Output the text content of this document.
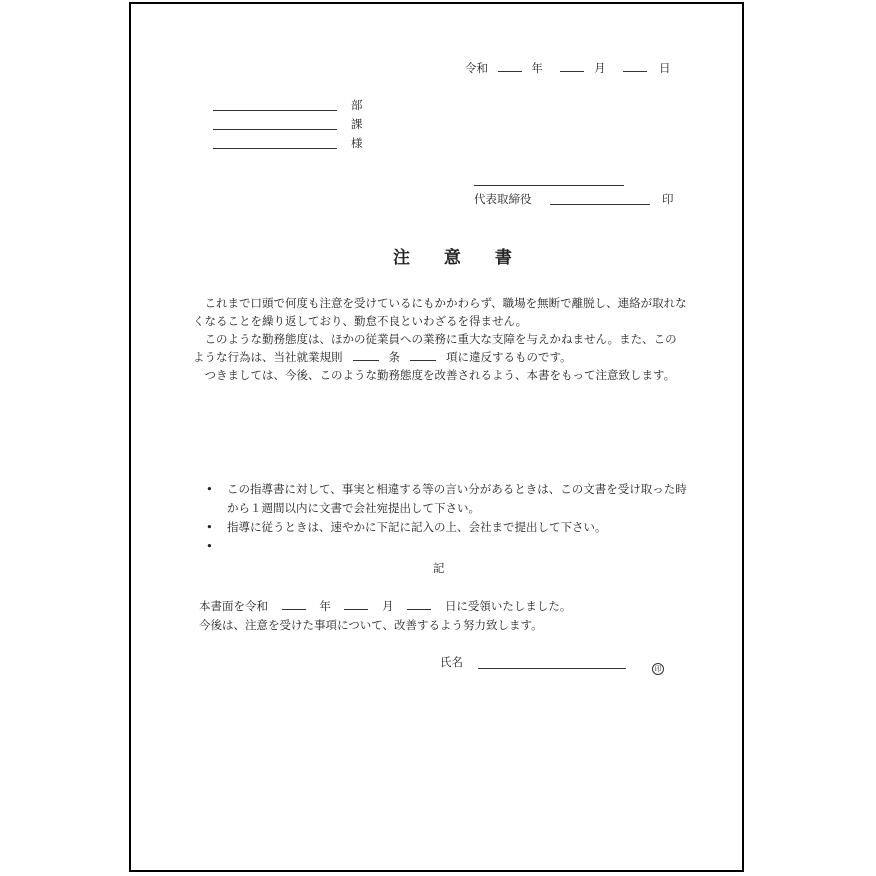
令和	年	月	日
部
課
様
代表取締役	印
注 意 書

　これまで口頭で何度も注意を受けているにもかかわらず、職場を無断で離脱し、連絡が取れなくなることを繰り返しており、勤怠不良といわざるを得ません。

　このような勤務態度は、ほかの従業員への業務に重大な支障を与えかねません。また、このような行為は、当社就業規則	条	項に違反するものです。

　つきましては、今後、このような勤務態度を改善されるよう、本書をもって注意致します。

• この指導書に対して、事実と相違する等の言い分があるときは、この文書を受け取った時から１週間以内に文書で会社宛提出して下さい。
• 指導に従うときは、速やかに下記に記入の上、会社まで提出して下さい。
•
記
本書面を令和	年	月	日に受領いたしました。
今後は、注意を受けた事項について、改善するよう努力致します。
氏名	印
